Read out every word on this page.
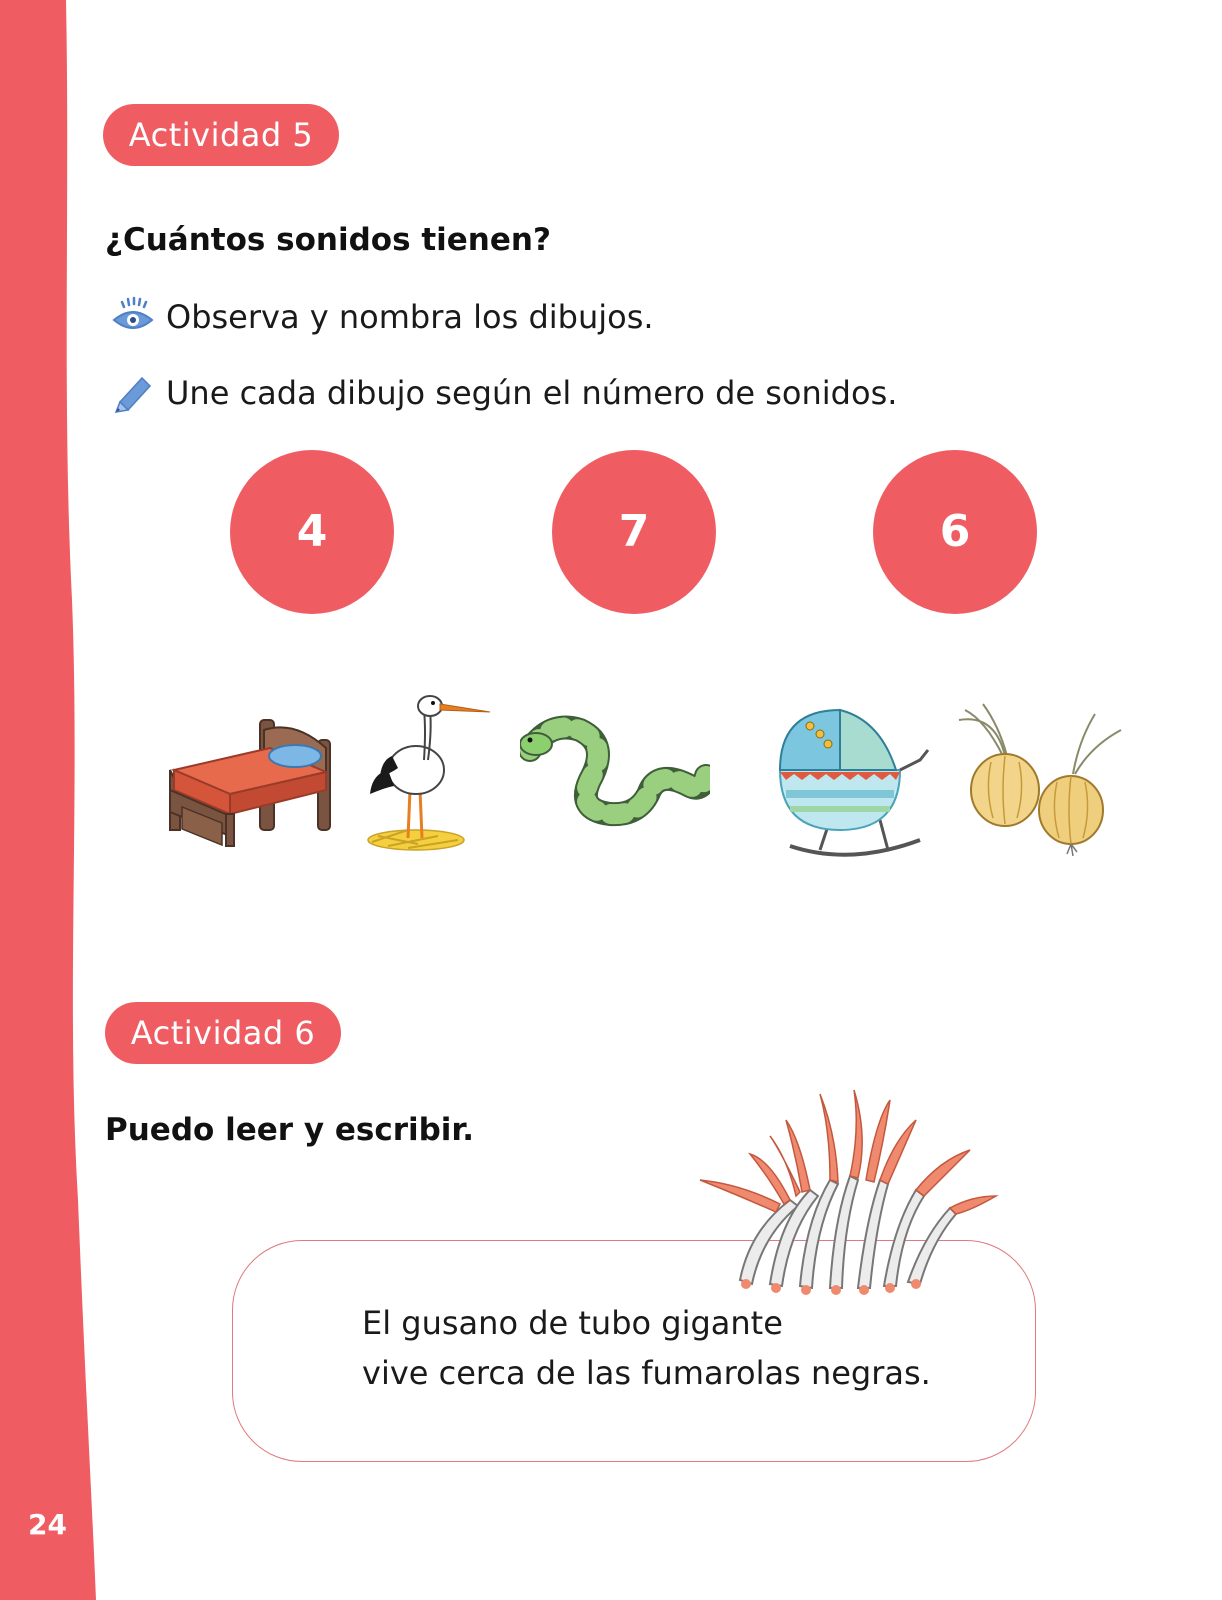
24
Actividad 5
¿Cuántos sonidos tienen?
Observa y nombra los dibujos.
Une cada dibujo según el número de sonidos.
4	7	6
Actividad 6
Puedo leer y escribir.
El gusano de tubo gigante
vive cerca de las fumarolas negras.
